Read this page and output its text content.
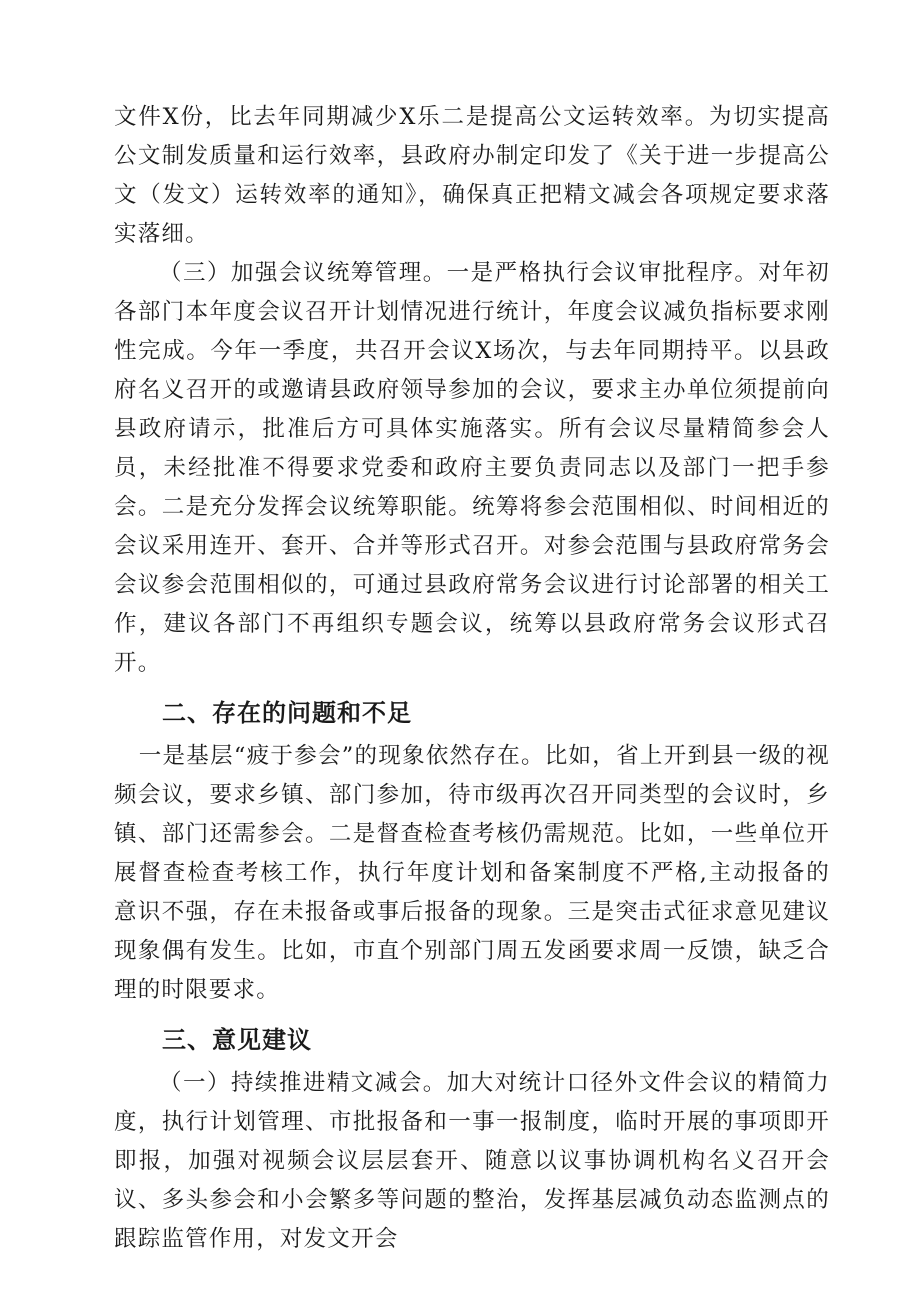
文件X份，比去年同期减少X乐二是提高公文运转效率。为切实提高公文制发质量和运行效率，县政府办制定印发了《关于进一步提高公文（发文）运转效率的通知》，确保真正把精文减会各项规定要求落实落细。

（三）加强会议统筹管理。一是严格执行会议审批程序。对年初各部门本年度会议召开计划情况进行统计，年度会议减负指标要求刚性完成。今年一季度，共召开会议X场次，与去年同期持平。以县政府名义召开的或邀请县政府领导参加的会议，要求主办单位须提前向县政府请示，批准后方可具体实施落实。所有会议尽量精简参会人员，未经批准不得要求党委和政府主要负责同志以及部门一把手参会。二是充分发挥会议统筹职能。统筹将参会范围相似、时间相近的会议采用连开、套开、合并等形式召开。对参会范围与县政府常务会会议参会范围相似的，可通过县政府常务会议进行讨论部署的相关工作，建议各部门不再组织专题会议，统筹以县政府常务会议形式召开。

二、存在的问题和不足

一是基层“疲于参会”的现象依然存在。比如，省上开到县一级的视频会议，要求乡镇、部门参加，待市级再次召开同类型的会议时，乡镇、部门还需参会。二是督查检查考核仍需规范。比如，一些单位开展督查检查考核工作，执行年度计划和备案制度不严格,主动报备的意识不强，存在未报备或事后报备的现象。三是突击式征求意见建议现象偶有发生。比如，市直个别部门周五发函要求周一反馈，缺乏合理的时限要求。

三、意见建议

（一）持续推进精文减会。加大对统计口径外文件会议的精简力度，执行计划管理、市批报备和一事一报制度，临时开展的事项即开即报，加强对视频会议层层套开、随意以议事协调机构名义召开会议、多头参会和小会繁多等问题的整治，发挥基层减负动态监测点的跟踪监管作用，对发文开会
